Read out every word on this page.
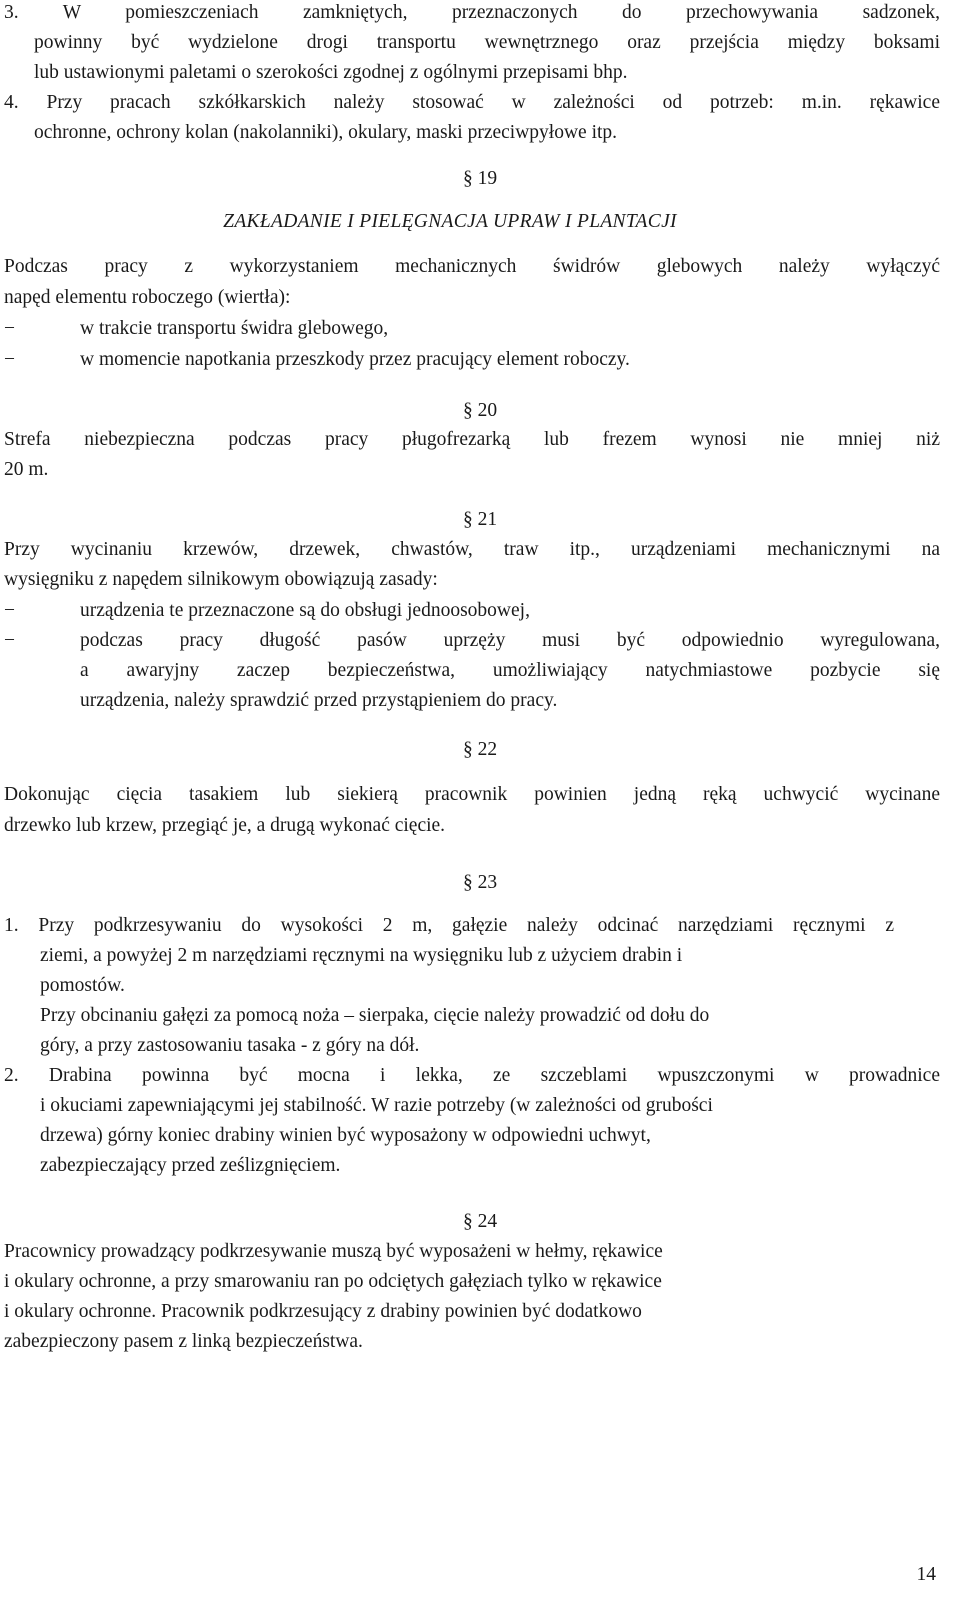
3. W pomieszczeniach zamkniętych, przeznaczonych do przechowywania sadzonek,
powinny być wydzielone drogi transportu wewnętrznego oraz przejścia między boksami
lub ustawionymi paletami o szerokości zgodnej z ogólnymi przepisami bhp.
4. Przy pracach szkółkarskich należy stosować w zależności od potrzeb: m.in. rękawice
ochronne, ochrony kolan (nakolanniki), okulary, maski przeciwpyłowe itp.
§ 19
ZAKŁADANIE I PIELĘGNACJA UPRAW I PLANTACJI
Podczas pracy z wykorzystaniem mechanicznych świdrów glebowych należy wyłączyć
napęd elementu roboczego (wiertła):
−	w trakcie transportu świdra glebowego,
−	w momencie napotkania przeszkody przez pracujący element roboczy.
§ 20
Strefa niebezpieczna podczas pracy pługofrezarką lub frezem wynosi nie mniej niż
20 m.
§ 21
Przy wycinaniu krzewów, drzewek, chwastów, traw itp., urządzeniami mechanicznymi na
wysięgniku z napędem silnikowym obowiązują zasady:
−	urządzenia te przeznaczone są do obsługi jednoosobowej,
−	podczas pracy długość pasów uprzęży musi być odpowiednio wyregulowana,
a awaryjny zaczep bezpieczeństwa, umożliwiający natychmiastowe pozbycie się
urządzenia, należy sprawdzić przed przystąpieniem do pracy.
§ 22
Dokonując cięcia tasakiem lub siekierą pracownik powinien jedną ręką uchwycić wycinane
drzewko lub krzew, przegiąć je, a drugą wykonać cięcie.
§ 23
1. Przy podkrzesywaniu do wysokości 2 m, gałęzie należy odcinać narzędziami ręcznymi z
ziemi, a powyżej 2 m narzędziami ręcznymi na wysięgniku lub z użyciem drabin i
pomostów.
Przy obcinaniu gałęzi za pomocą noża – sierpaka, cięcie należy prowadzić od dołu do
góry, a przy zastosowaniu tasaka - z góry na dół.
2. Drabina powinna być mocna i lekka, ze szczeblami wpuszczonymi w prowadnice
i okuciami zapewniającymi jej stabilność. W razie potrzeby (w zależności od grubości
drzewa) górny koniec drabiny winien być wyposażony w odpowiedni uchwyt,
zabezpieczający przed ześlizgnięciem.
§ 24
Pracownicy prowadzący podkrzesywanie muszą być wyposażeni w hełmy, rękawice
i okulary ochronne, a przy smarowaniu ran po odciętych gałęziach tylko w rękawice
i okulary ochronne. Pracownik podkrzesujący z drabiny powinien być dodatkowo
zabezpieczony pasem z linką bezpieczeństwa.
14
